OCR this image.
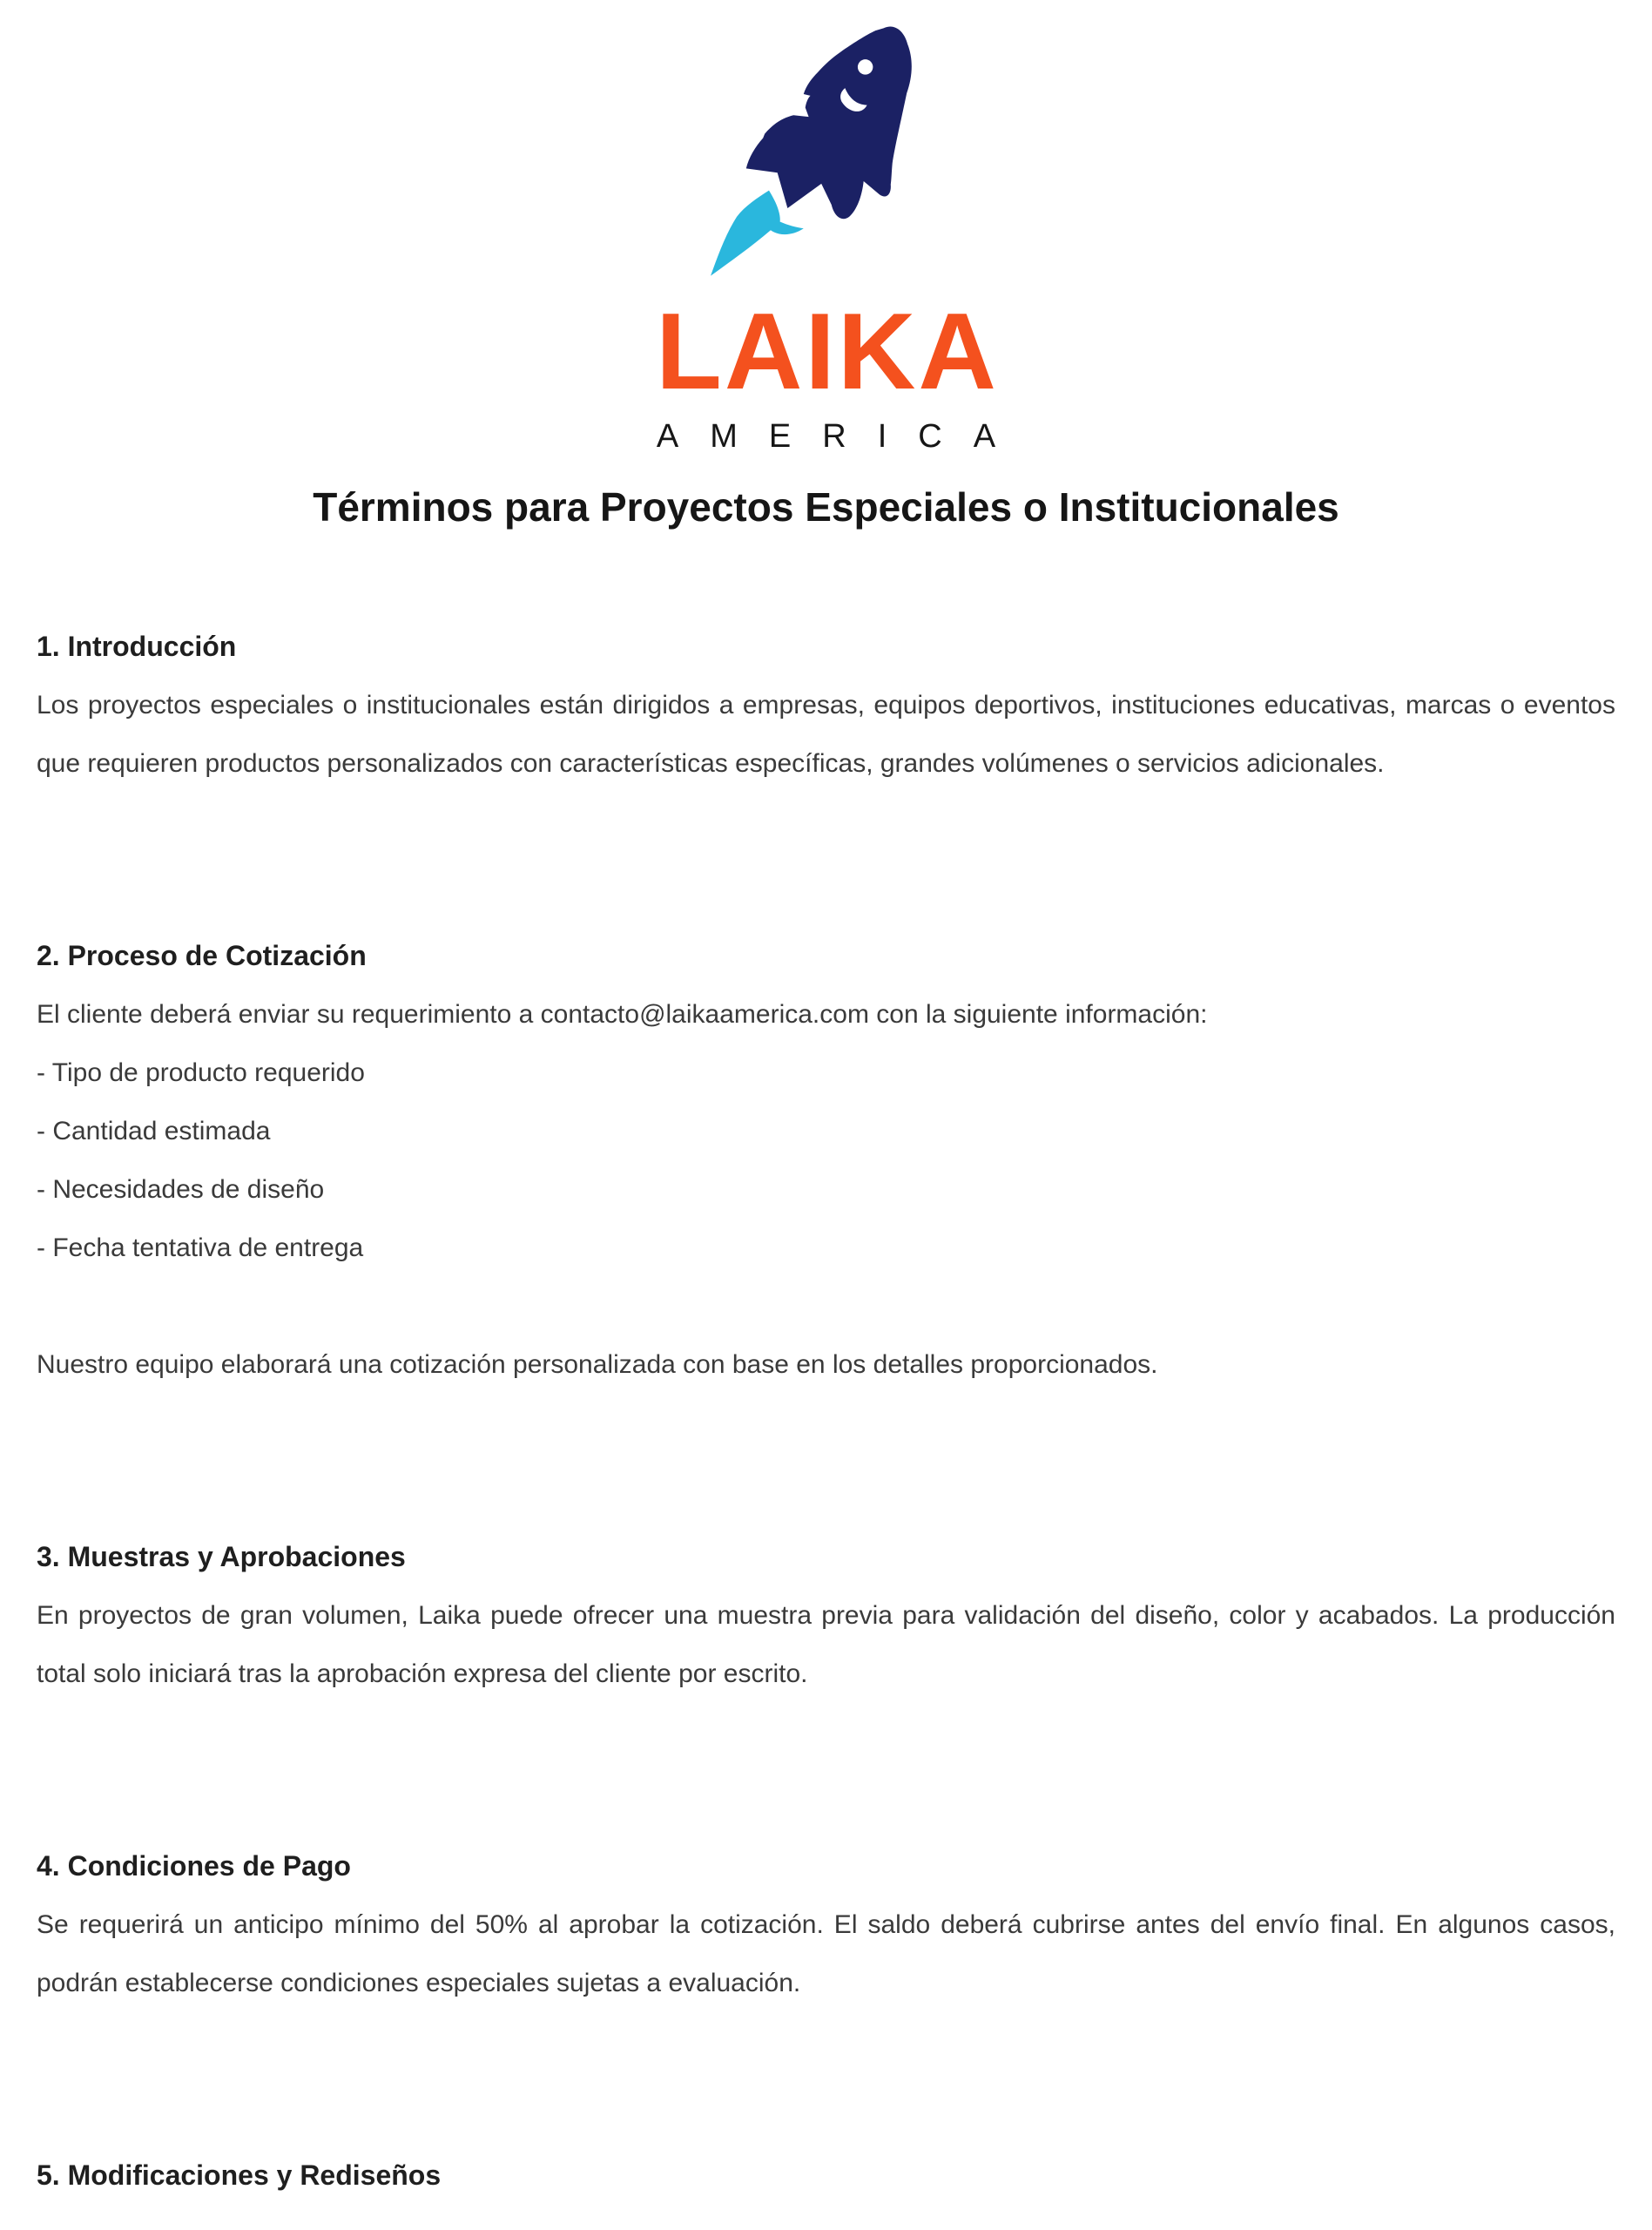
LAIKA
AMERICA
Términos para Proyectos Especiales o Institucionales
1. Introducción

Los proyectos especiales o institucionales están dirigidos a empresas, equipos deportivos, instituciones educativas, marcas o eventos que requieren productos personalizados con características específicas, grandes volúmenes o servicios adicionales.

2. Proceso de Cotización

El cliente deberá enviar su requerimiento a contacto@laikaamerica.com con la siguiente información:

- Tipo de producto requerido
- Cantidad estimada
- Necesidades de diseño
- Fecha tentativa de entrega
Nuestro equipo elaborará una cotización personalizada con base en los detalles proporcionados.
3. Muestras y Aprobaciones

En proyectos de gran volumen, Laika puede ofrecer una muestra previa para validación del diseño, color y acabados. La producción total solo iniciará tras la aprobación expresa del cliente por escrito.

4. Condiciones de Pago

Se requerirá un anticipo mínimo del 50% al aprobar la cotización. El saldo deberá cubrirse antes del envío final. En algunos casos, podrán establecerse condiciones especiales sujetas a evaluación.

5. Modificaciones y Rediseños
